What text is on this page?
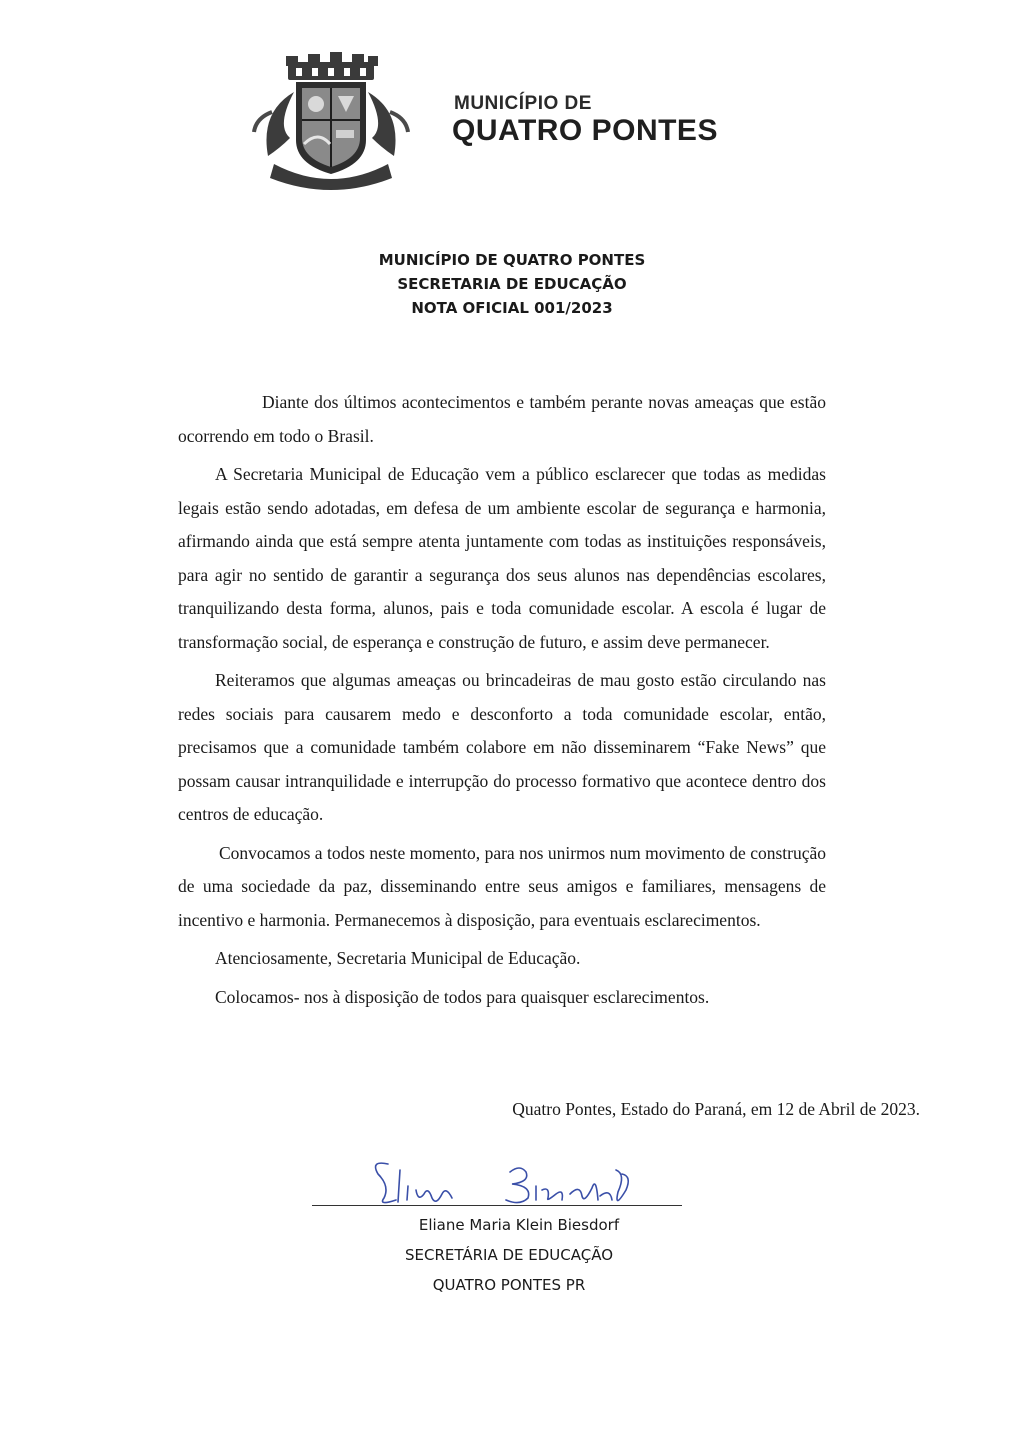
MUNICÍPIO DE
QUATRO PONTES
MUNICÍPIO DE QUATRO PONTES
SECRETARIA DE EDUCAÇÃO
NOTA OFICIAL 001/2023

Diante dos últimos acontecimentos e também perante novas ameaças que estão ocorrendo em todo o Brasil.

A Secretaria Municipal de Educação vem a público esclarecer que todas as medidas legais estão sendo adotadas, em defesa de um ambiente escolar de segurança e harmonia, afirmando ainda que está sempre atenta juntamente com todas as instituições responsáveis, para agir no sentido de garantir a segurança dos seus alunos nas dependências escolares, tranquilizando desta forma, alunos, pais e toda comunidade escolar. A escola é lugar de transformação social, de esperança e construção de futuro, e assim deve permanecer.

Reiteramos que algumas ameaças ou brincadeiras de mau gosto estão circulando nas redes sociais para causarem medo e desconforto a toda comunidade escolar, então, precisamos que a comunidade também colabore em não disseminarem “Fake News” que possam causar intranquilidade e interrupção do processo formativo que acontece dentro dos centros de educação.

Convocamos a todos neste momento, para nos unirmos num movimento de construção de uma sociedade da paz, disseminando entre seus amigos e familiares, mensagens de incentivo e harmonia. Permanecemos à disposição, para eventuais esclarecimentos.

Atenciosamente, Secretaria Municipal de Educação.

Colocamos- nos à disposição de todos para quaisquer esclarecimentos.

Quatro Pontes, Estado do Paraná, em 12 de Abril de 2023.
Eliane Maria Klein Biesdorf
SECRETÁRIA DE EDUCAÇÃO
QUATRO PONTES PR
